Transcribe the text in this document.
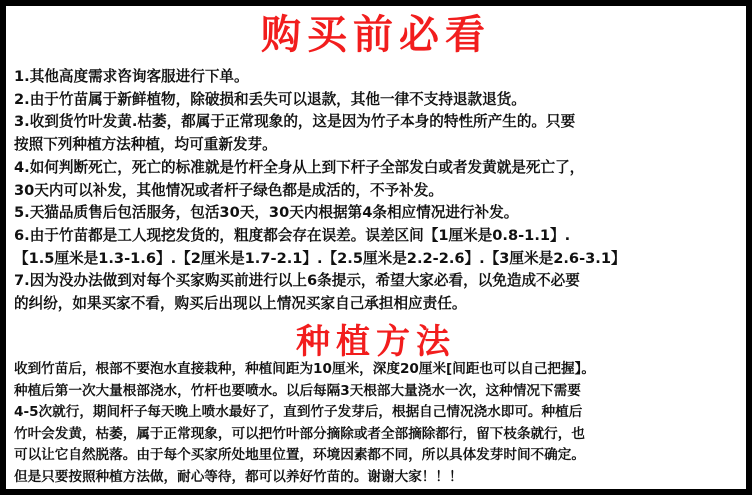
购买前必看

1.其他高度需求咨询客服进行下单。

2.由于竹苗属于新鲜植物，除破损和丢失可以退款，其他一律不支持退款退货。

3.收到货竹叶发黄.枯萎，都属于正常现象的，这是因为竹子本身的特性所产生的。只要

按照下列种植方法种植，均可重新发芽。

4.如何判断死亡，死亡的标准就是竹杆全身从上到下杆子全部发白或者发黄就是死亡了，

30天内可以补发，其他情况或者杆子绿色都是成活的，不予补发。

5.天猫品质售后包活服务，包活30天，30天内根据第4条相应情况进行补发。

6.由于竹苗都是工人现挖发货的，粗度都会存在误差。误差区间【1厘米是0.8-1.1】.

【1.5厘米是1.3-1.6】.【2厘米是1.7-2.1】.【2.5厘米是2.2-2.6】.【3厘米是2.6-3.1】

7.因为没办法做到对每个买家购买前进行以上6条提示，希望大家必看，以免造成不必要

的纠纷，如果买家不看，购买后出现以上情况买家自己承担相应责任。

种植方法

收到竹苗后，根部不要泡水直接栽种，种植间距为10厘米，深度20厘米[间距也可以自己把握】。

种植后第一次大量根部浇水，竹杆也要喷水。以后每隔3天根部大量浇水一次，这种情况下需要

4-5次就行，期间杆子每天晚上喷水最好了，直到竹子发芽后，根据自己情况浇水即可。种植后

竹叶会发黄，枯萎，属于正常现象，可以把竹叶部分摘除或者全部摘除都行，留下枝条就行，也

可以让它自然脱落。由于每个买家所处地里位置，环境因素都不同，所以具体发芽时间不确定。

但是只要按照种植方法做，耐心等待，都可以养好竹苗的。谢谢大家！！！
